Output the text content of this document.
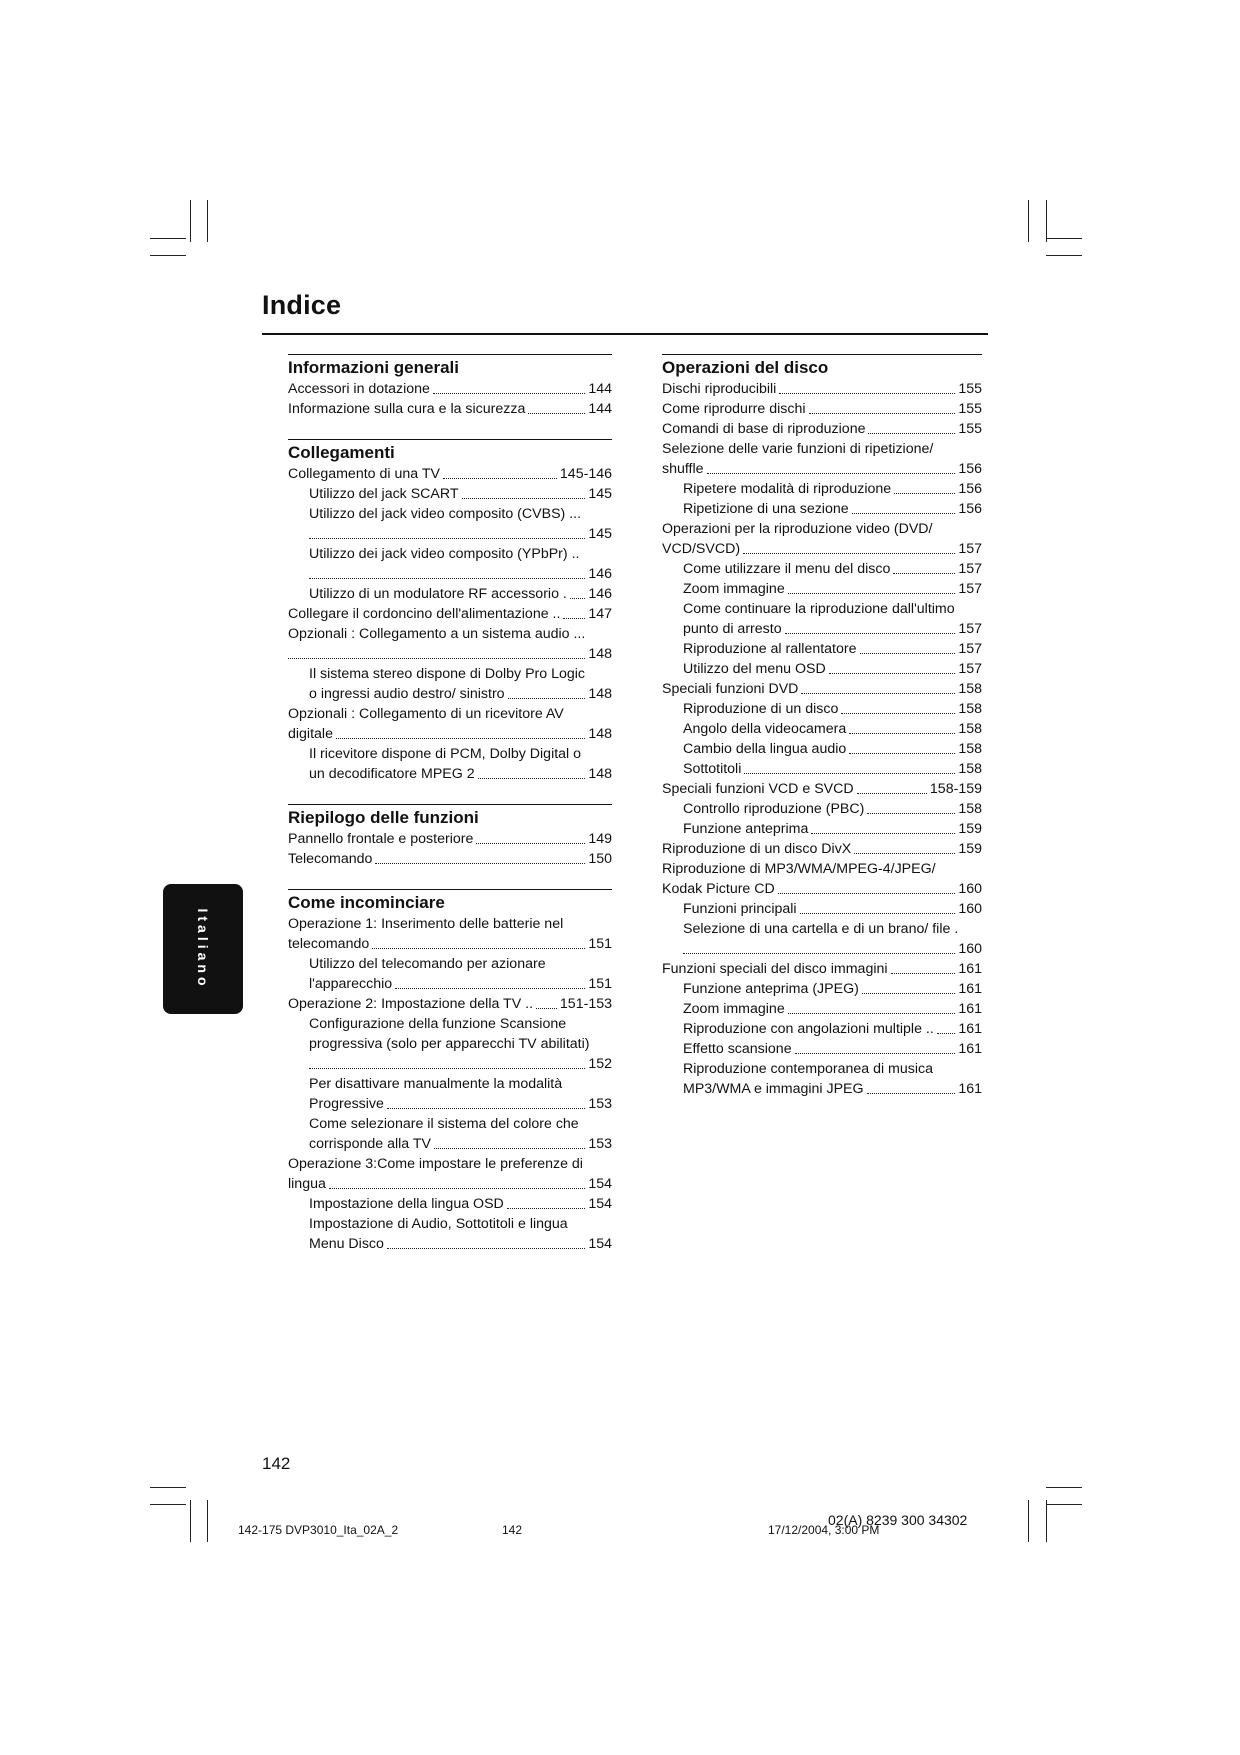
Indice
Informazioni generali
Accessori in dotazione	144
Informazione sulla cura e la sicurezza	144
Collegamenti
Collegamento di una TV	145-146
Utilizzo del jack SCART	145
Utilizzo del jack video composito (CVBS) ...
145
Utilizzo dei jack video composito (YPbPr) ..
146
Utilizzo di un modulatore RF accessorio . 146
Collegare il cordoncino dell'alimentazione .. 147
Opzionali : Collegamento a un sistema audio ...
148
Il sistema stereo dispone di Dolby Pro Logic
o ingressi audio destro/ sinistro	148
Opzionali : Collegamento di un ricevitore AV
digitale	148
Il ricevitore dispone di PCM, Dolby Digital o
un decodificatore MPEG 2	148
Riepilogo delle funzioni
Pannello frontale e posteriore	149
Telecomando	150
Come incominciare
Operazione 1: Inserimento delle batterie nel
telecomando	151
Utilizzo del telecomando per azionare
l'apparecchio	151
Operazione 2: Impostazione della TV .. 151-153
Configurazione della funzione Scansione
progressiva (solo per apparecchi TV abilitati)
152
Per disattivare manualmente la modalità
Progressive	153
Come selezionare il sistema del colore che
corrisponde alla TV	153
Operazione 3:Come impostare le preferenze di
lingua	154
Impostazione della lingua OSD	154
Impostazione di Audio, Sottotitoli e lingua
Menu Disco	154
Operazioni del disco
Dischi riproducibili	155
Come riprodurre dischi	155
Comandi di base di riproduzione	155
Selezione delle varie funzioni di ripetizione/
shuffle	156
Ripetere modalità di riproduzione	156
Ripetizione di una sezione	156
Operazioni per la riproduzione video (DVD/
VCD/SVCD)	157
Come utilizzare il menu del disco	157
Zoom immagine	157
Come continuare la riproduzione dall'ultimo
punto di arresto	157
Riproduzione al rallentatore	157
Utilizzo del menu OSD	157
Speciali funzioni DVD	158
Riproduzione di un disco	158
Angolo della videocamera	158
Cambio della lingua audio	158
Sottotitoli	158
Speciali funzioni VCD e SVCD	158-159
Controllo riproduzione (PBC)	158
Funzione anteprima	159
Riproduzione di un disco DivX	159
Riproduzione di MP3/WMA/MPEG-4/JPEG/
Kodak Picture CD	160
Funzioni principali	160
Selezione di una cartella e di un brano/ file .
160
Funzioni speciali del disco immagini	161
Funzione anteprima (JPEG)	161
Zoom immagine	161
Riproduzione con angolazioni multiple .. 161
Effetto scansione	161
Riproduzione contemporanea di musica
MP3/WMA e immagini JPEG	161
Italiano
142
142-175 DVP3010_Ita_02A_2	142	17/12/2004, 3:00 PM
02(A) 8239 300 34302
